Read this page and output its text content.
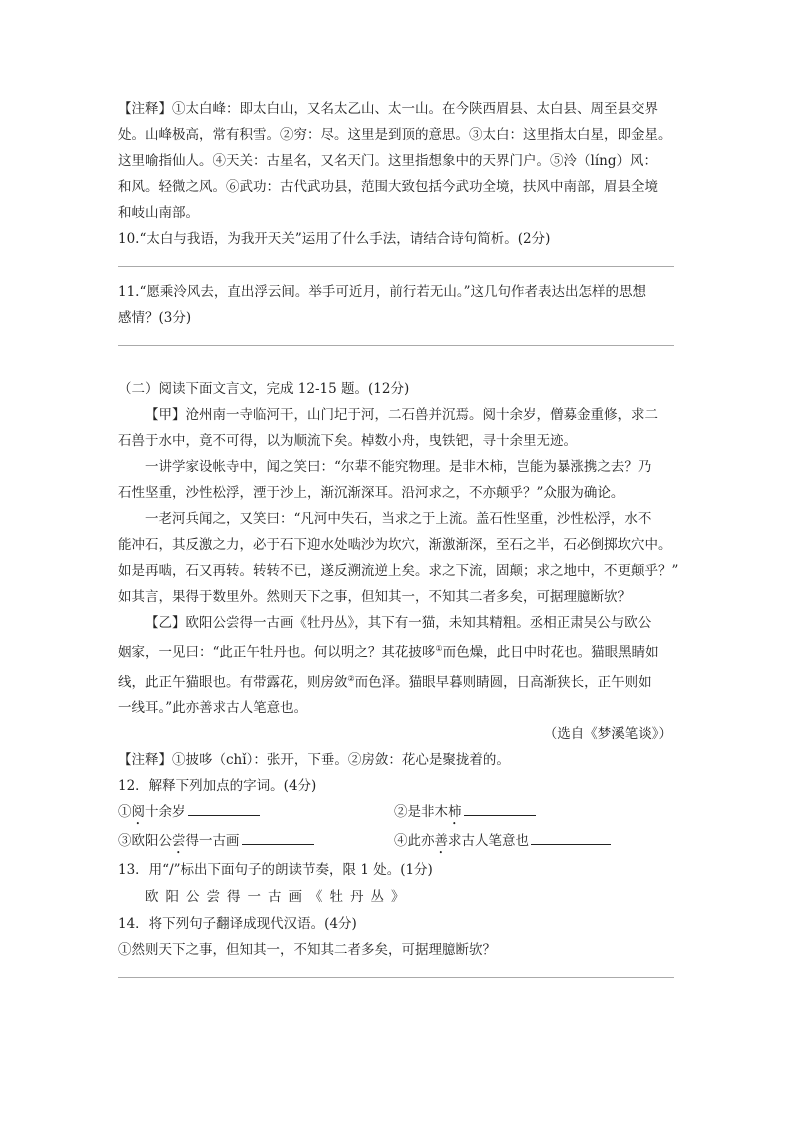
【注释】①太白峰：即太白山，又名太乙山、太一山。在今陕西眉县、太白县、周至县交界
处。山峰极高，常有积雪。②穷：尽。这里是到顶的意思。③太白：这里指太白星，即金星。
这里喻指仙人。④天关：古星名，又名天门。这里指想象中的天界门户。⑤泠（líng）风：
和风。轻微之风。⑥武功：古代武功县，范围大致包括今武功全境，扶风中南部，眉县全境
和岐山南部。
10.“太白与我语，为我开天关”运用了什么手法，请结合诗句简析。(2分)
11.“愿乘泠风去，直出浮云间。举手可近月，前行若无山。”这几句作者表达出怎样的思想
感情？(3分)
（二）阅读下面文言文，完成 12-15 题。(12分)
【甲】沧州南一寺临河干，山门圮于河，二石兽并沉焉。阅十余岁，僧募金重修，求二
石兽于水中，竟不可得，以为顺流下矣。棹数小舟，曳铁钯，寻十余里无迹。
一讲学家设帐寺中，闻之笑曰：“尔辈不能究物理。是非木柿，岂能为暴涨携之去？乃
石性坚重，沙性松浮，湮于沙上，渐沉渐深耳。沿河求之，不亦颠乎？”众服为确论。
一老河兵闻之，又笑曰：“凡河中失石，当求之于上流。盖石性坚重，沙性松浮，水不
能冲石，其反激之力，必于石下迎水处啮沙为坎穴，渐激渐深，至石之半，石必倒掷坎穴中。
如是再啮，石又再转。转转不已，遂反溯流逆上矣。求之下流，固颠；求之地中，不更颠乎？”
如其言，果得于数里外。然则天下之事，但知其一，不知其二者多矣，可据理臆断欤？
【乙】欧阳公尝得一古画《牡丹丛》，其下有一猫，未知其精粗。丞相正肃吴公与欧公
姻家，一见曰：“此正午牡丹也。何以明之？其花披哆①而色燥，此日中时花也。猫眼黑睛如
线，此正午猫眼也。有带露花，则房敛②而色泽。猫眼早暮则睛圆，日高渐狭长，正午则如
一线耳。”此亦善求古人笔意也。
（选自《梦溪笔谈》）
【注释】①披哆（chǐ）：张开，下垂。②房敛：花心是聚拢着的。
12．解释下列加点的字词。(4分)
①阅十余岁	②是非木柿
③欧阳公尝得一古画	④此亦善求古人笔意也
13．用“/”标出下面句子的朗读节奏，限 1 处。(1分)
欧阳公尝得一古画《牡丹丛》
14．将下列句子翻译成现代汉语。(4分)
①然则天下之事，但知其一，不知其二者多矣，可据理臆断欤？
